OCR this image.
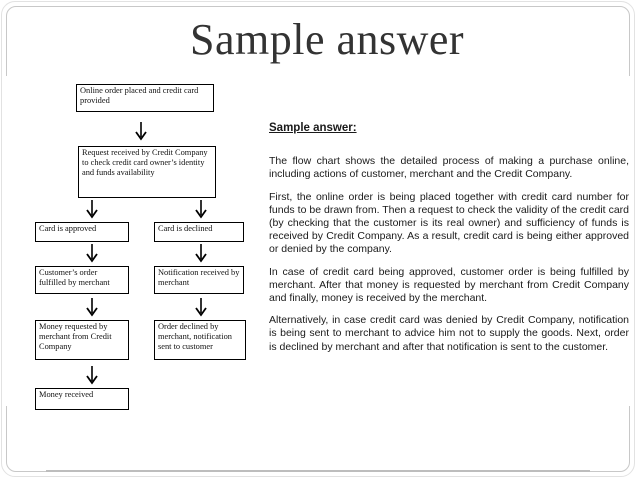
Sample answer
Online order placed and credit card provided
Request received by Credit Company to check credit card owner’s identity and funds availability
Card is approved	Card is declined
Customer’s order fulfilled by merchant
Notification received by merchant
Money requested by merchant from Credit Company
Order declined by merchant, notification sent to customer
Money received
Sample answer:

The flow chart shows the detailed process of making a purchase online, including actions of customer, merchant and the Credit Company.

First, the online order is being placed together with credit card number for funds to be drawn from. Then a request to check the validity of the credit card (by checking that the customer is its real owner) and sufficiency of funds is received by Credit Company. As a result, credit card is being either approved or denied by the company.

In case of credit card being approved, customer order is being fulfilled by merchant. After that money is requested by merchant from Credit Company and finally, money is received by the merchant.

Alternatively, in case credit card was denied by Credit Company, notification is being sent to merchant to advice him not to supply the goods. Next, order is declined by merchant and after that notification is sent to the customer.
